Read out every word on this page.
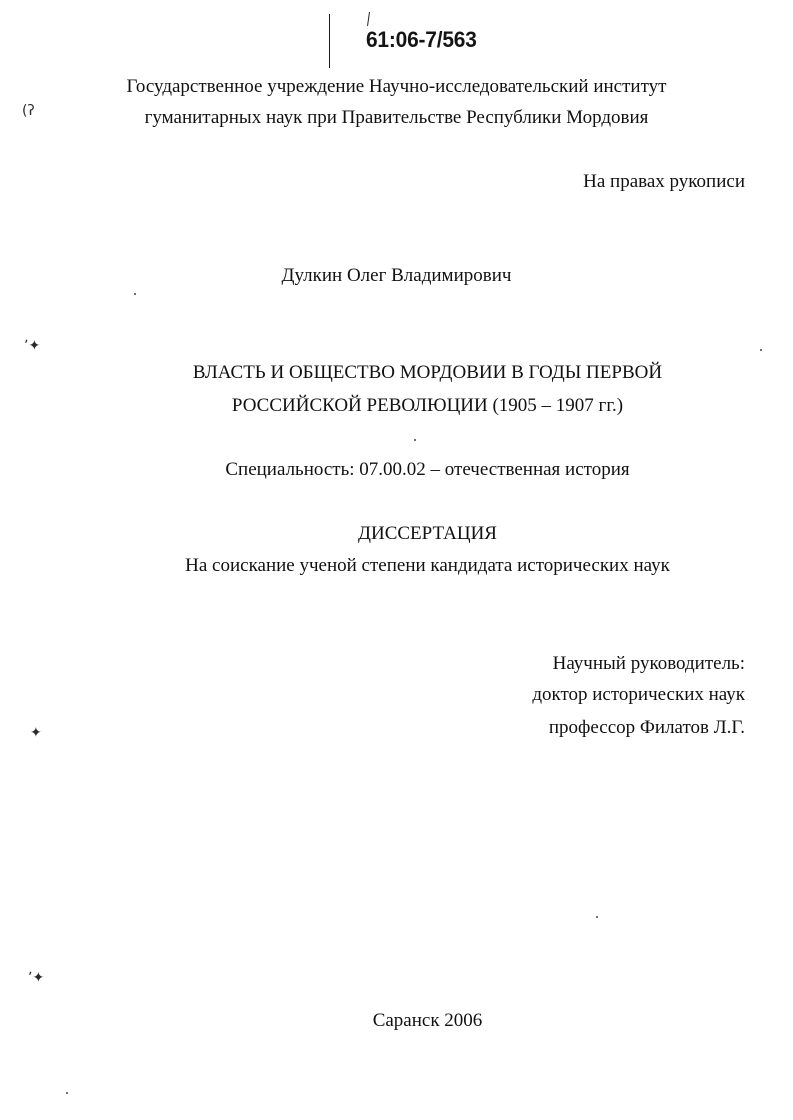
61:06-7/563
Государственное учреждение Научно-исследовательский институт
гуманитарных наук при Правительстве Республики Мордовия
На правах рукописи
Дулкин Олег Владимирович
ВЛАСТЬ И ОБЩЕСТВО МОРДОВИИ В ГОДЫ ПЕРВОЙ
РОССИЙСКОЙ РЕВОЛЮЦИИ (1905 – 1907 гг.)
Специальность: 07.00.02 – отечественная история
ДИССЕРТАЦИЯ
На соискание ученой степени кандидата исторических наук
Научный руководитель:
доктор исторических наук
профессор Филатов Л.Г.
Саранск 2006
(ʔ
ʼ✦
✦
ʼ✦
